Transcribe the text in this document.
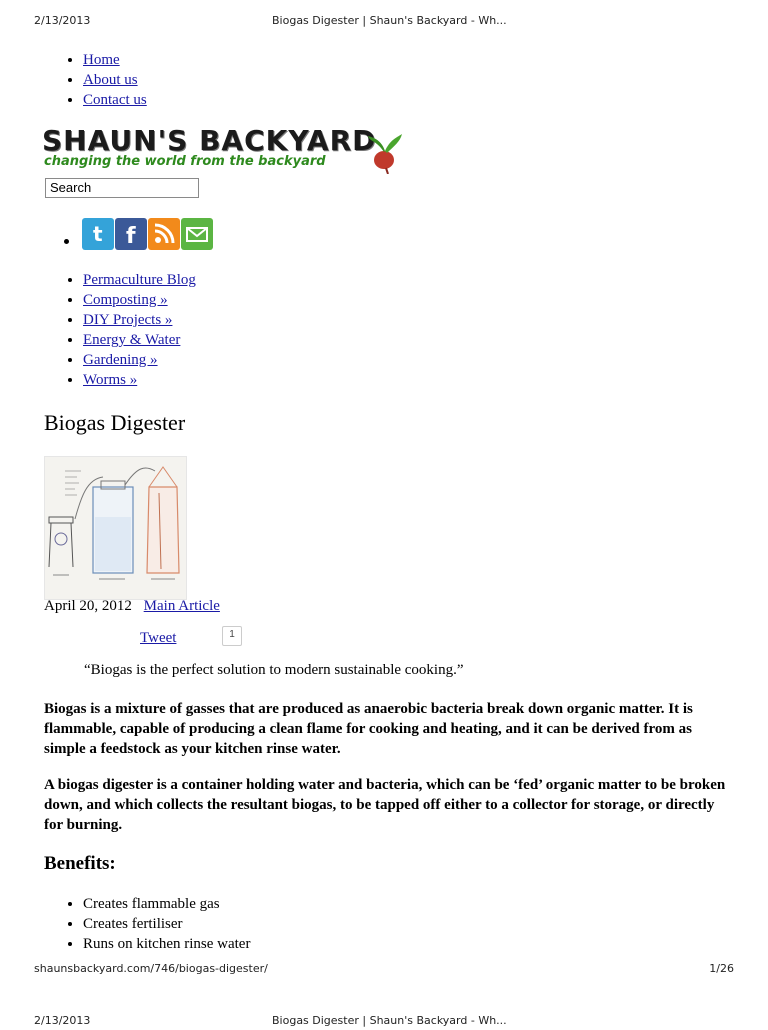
2/13/2013	Biogas Digester | Shaun's Backyard - Wh...
• Home
• About us
• Contact us
SHAUN'S BACKYARD
changing the world from the backyard
Search
t f
• Permaculture Blog
• Composting »
• DIY Projects »
• Energy & Water
• Gardening »
• Worms »
Biogas Digester
April 20, 2012 Main Article
Tweet	1
“Biogas is the perfect solution to modern sustainable cooking.”

Biogas is a mixture of gasses that are produced as anaerobic bacteria break down organic matter. It is flammable, capable of producing a clean flame for cooking and heating, and it can be derived from as simple a feedstock as your kitchen rinse water.

A biogas digester is a container holding water and bacteria, which can be ‘fed’ organic matter to be broken down, and which collects the resultant biogas, to be tapped off either to a collector for storage, or directly for burning.

Benefits:
• Creates flammable gas
• Creates fertiliser
• Runs on kitchen rinse water
shaunsbackyard.com/746/biogas-digester/	1/26
2/13/2013	Biogas Digester | Shaun's Backyard - Wh...
